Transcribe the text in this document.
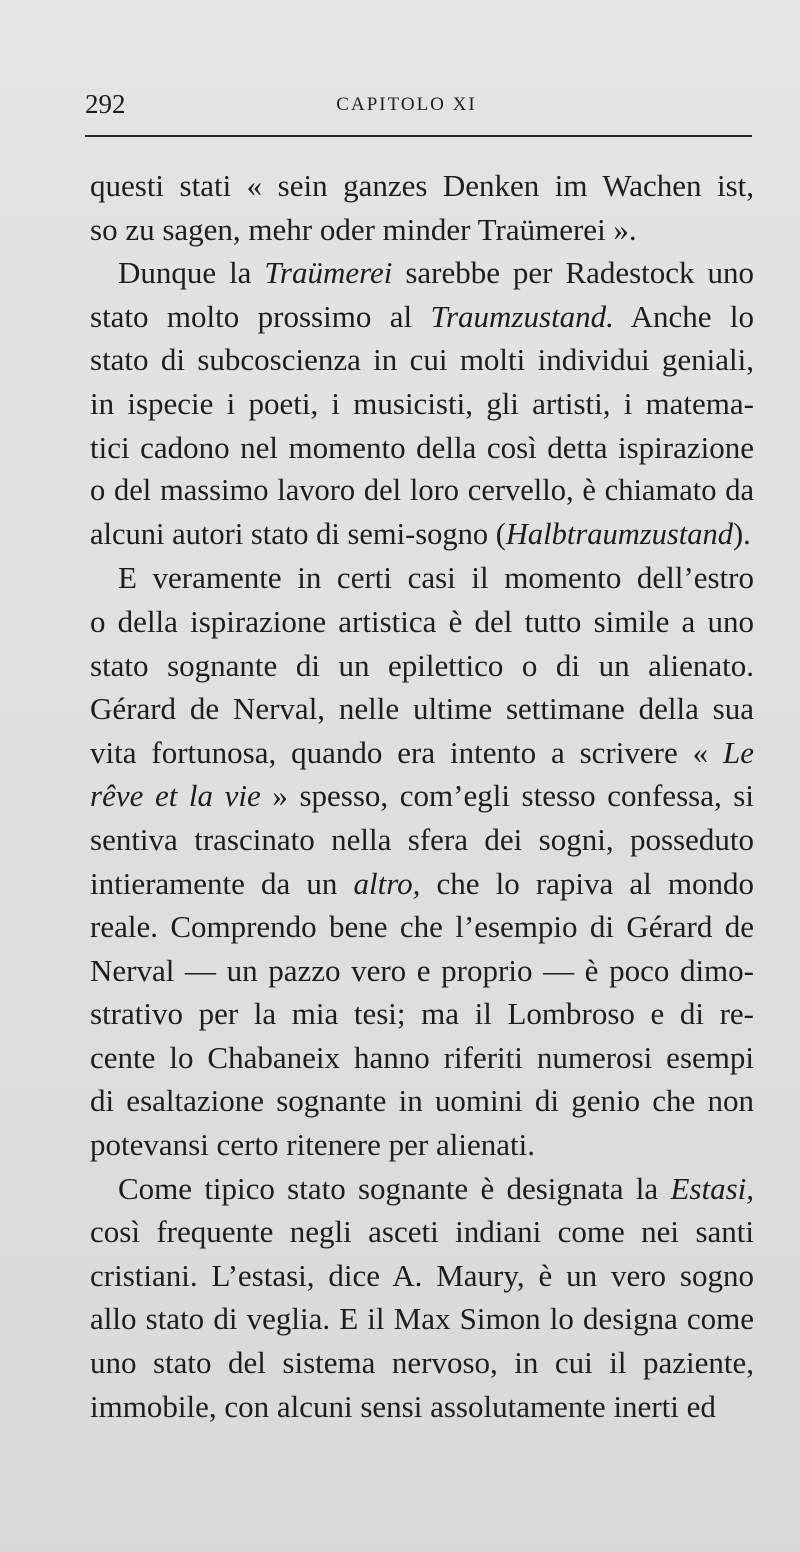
292	CAPITOLO XI
questi stati « sein ganzes Denken im Wachen ist,
so zu sagen, mehr oder minder Traümerei ».
Dunque la Traümerei sarebbe per Radestock uno
stato molto prossimo al Traumzustand. Anche lo
stato di subcoscienza in cui molti individui geniali,
in ispecie i poeti, i musicisti, gli artisti, i matema-
tici cadono nel momento della così detta ispirazione
o del massimo lavoro del loro cervello, è chiamato da
alcuni autori stato di semi-sogno (Halbtraumzustand).
E veramente in certi casi il momento dell’estro
o della ispirazione artistica è del tutto simile a uno
stato sognante di un epilettico o di un alienato.
Gérard de Nerval, nelle ultime settimane della sua
vita fortunosa, quando era intento a scrivere « Le
rêve et la vie » spesso, com’egli stesso confessa, si
sentiva trascinato nella sfera dei sogni, posseduto
intieramente da un altro, che lo rapiva al mondo
reale. Comprendo bene che l’esempio di Gérard de
Nerval — un pazzo vero e proprio — è poco dimo-
strativo per la mia tesi; ma il Lombroso e di re-
cente lo Chabaneix hanno riferiti numerosi esempi
di esaltazione sognante in uomini di genio che non
potevansi certo ritenere per alienati.
Come tipico stato sognante è designata la Estasi,
così frequente negli asceti indiani come nei santi
cristiani. L’estasi, dice A. Maury, è un vero sogno
allo stato di veglia. E il Max Simon lo designa come
uno stato del sistema nervoso, in cui il paziente,
immobile, con alcuni sensi assolutamente inerti ed
